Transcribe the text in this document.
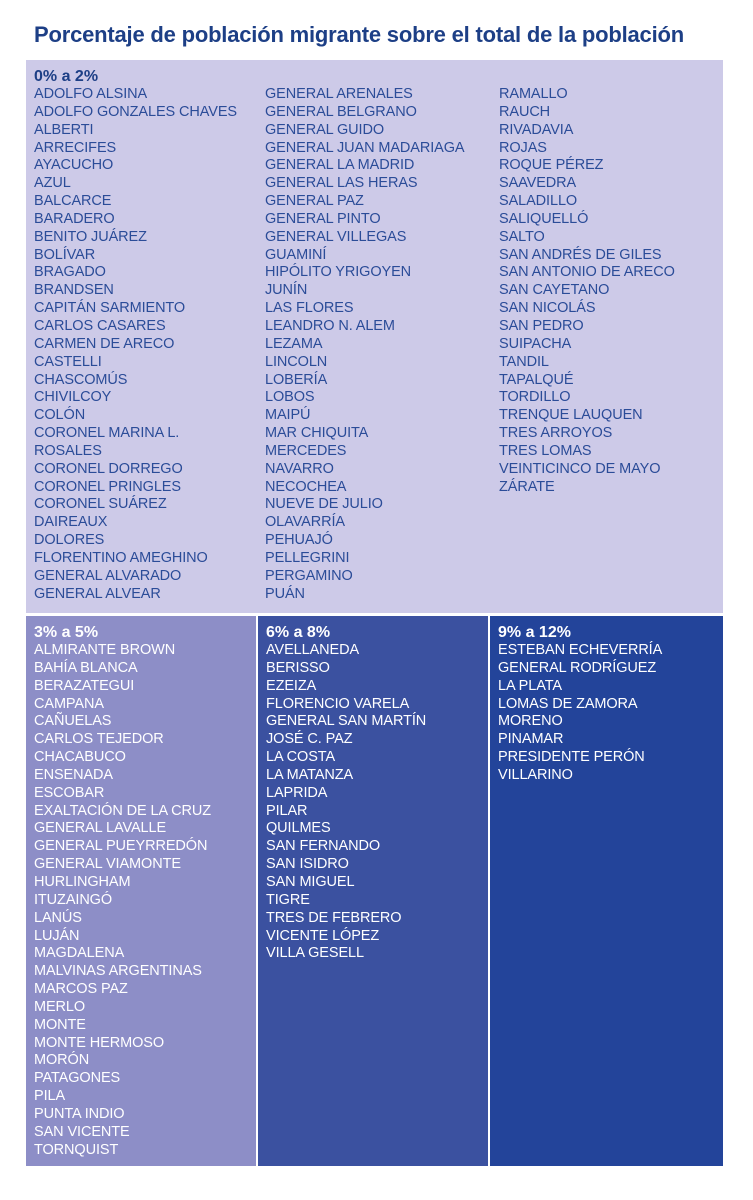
Porcentaje de población migrante sobre el total de la población
0% a 2%
ADOLFO ALSINA
ADOLFO GONZALES CHAVES
ALBERTI
ARRECIFES
AYACUCHO
AZUL
BALCARCE
BARADERO
BENITO JUÁREZ
BOLÍVAR
BRAGADO
BRANDSEN
CAPITÁN SARMIENTO
CARLOS CASARES
CARMEN DE ARECO
CASTELLI
CHASCOMÚS
CHIVILCOY
COLÓN
CORONEL MARINA L.
ROSALES
CORONEL DORREGO
CORONEL PRINGLES
CORONEL SUÁREZ
DAIREAUX
DOLORES
FLORENTINO AMEGHINO
GENERAL ALVARADO
GENERAL ALVEAR
GENERAL ARENALES
GENERAL BELGRANO
GENERAL GUIDO
GENERAL JUAN MADARIAGA
GENERAL LA MADRID
GENERAL LAS HERAS
GENERAL PAZ
GENERAL PINTO
GENERAL VILLEGAS
GUAMINÍ
HIPÓLITO YRIGOYEN
JUNÍN
LAS FLORES
LEANDRO N. ALEM
LEZAMA
LINCOLN
LOBERÍA
LOBOS
MAIPÚ
MAR CHIQUITA
MERCEDES
NAVARRO
NECOCHEA
NUEVE DE JULIO
OLAVARRÍA
PEHUAJÓ
PELLEGRINI
PERGAMINO
PUÁN
RAMALLO
RAUCH
RIVADAVIA
ROJAS
ROQUE PÉREZ
SAAVEDRA
SALADILLO
SALIQUELLÓ
SALTO
SAN ANDRÉS DE GILES
SAN ANTONIO DE ARECO
SAN CAYETANO
SAN NICOLÁS
SAN PEDRO
SUIPACHA
TANDIL
TAPALQUÉ
TORDILLO
TRENQUE LAUQUEN
TRES ARROYOS
TRES LOMAS
VEINTICINCO DE MAYO
ZÁRATE
3% a 5%
ALMIRANTE BROWN
BAHÍA BLANCA
BERAZATEGUI
CAMPANA
CAÑUELAS
CARLOS TEJEDOR
CHACABUCO
ENSENADA
ESCOBAR
EXALTACIÓN DE LA CRUZ
GENERAL LAVALLE
GENERAL PUEYRREDÓN
GENERAL VIAMONTE
HURLINGHAM
ITUZAINGÓ
LANÚS
LUJÁN
MAGDALENA
MALVINAS ARGENTINAS
MARCOS PAZ
MERLO
MONTE
MONTE HERMOSO
MORÓN
PATAGONES
PILA
PUNTA INDIO
SAN VICENTE
TORNQUIST
6% a 8%
AVELLANEDA
BERISSO
EZEIZA
FLORENCIO VARELA
GENERAL SAN MARTÍN
JOSÉ C. PAZ
LA COSTA
LA MATANZA
LAPRIDA
PILAR
QUILMES
SAN FERNANDO
SAN ISIDRO
SAN MIGUEL
TIGRE
TRES DE FEBRERO
VICENTE LÓPEZ
VILLA GESELL
9% a 12%
ESTEBAN ECHEVERRÍA
GENERAL RODRÍGUEZ
LA PLATA
LOMAS DE ZAMORA
MORENO
PINAMAR
PRESIDENTE PERÓN
VILLARINO
